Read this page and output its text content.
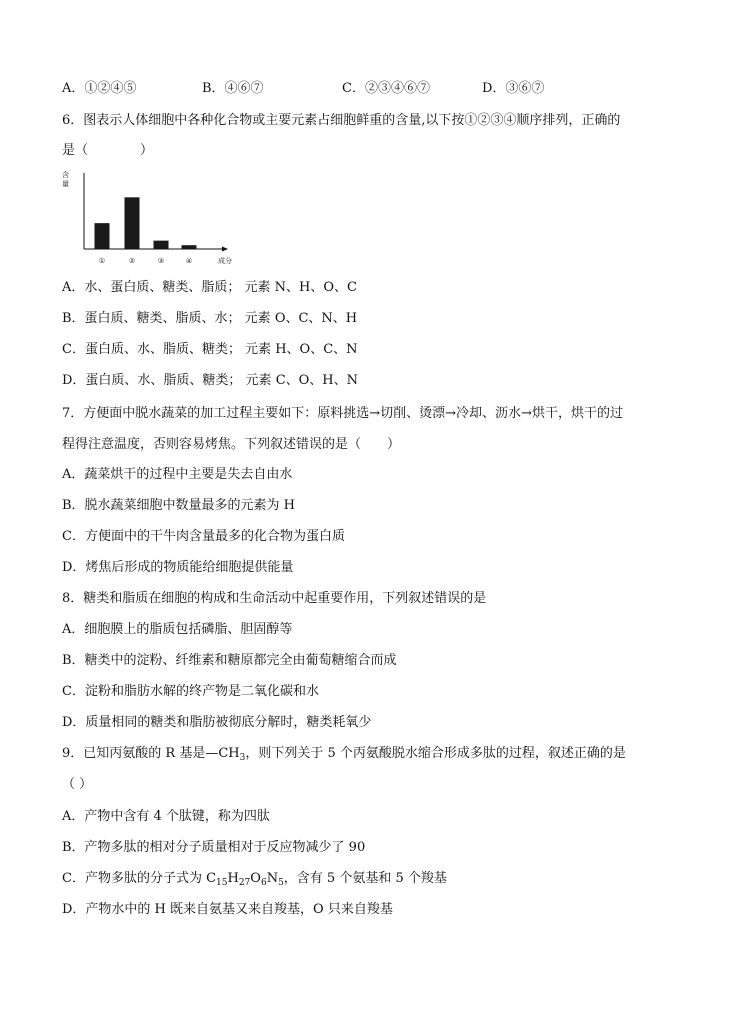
A．①②④⑤	B．④⑥⑦	C．②③④⑥⑦	D．③⑥⑦
6．图表示人体细胞中各种化合物或主要元素占细胞鲜重的含量,以下按①②③④顺序排列，正确的
是（　　　　）
含
量
①	②	③	④	成分
A．水、蛋白质、糖类、脂质； 元素 N、H、O、C
B．蛋白质、糖类、脂质、水； 元素 O、C、N、H
C．蛋白质、水、脂质、糖类； 元素 H、O、C、N
D．蛋白质、水、脂质、糖类； 元素 C、O、H、N
7．方便面中脱水蔬菜的加工过程主要如下：原料挑选→切削、烫漂→冷却、沥水→烘干，烘干的过
程得注意温度，否则容易烤焦。下列叙述错误的是（　　）
A．蔬菜烘干的过程中主要是失去自由水
B．脱水蔬菜细胞中数量最多的元素为 H
C．方便面中的干牛肉含量最多的化合物为蛋白质
D．烤焦后形成的物质能给细胞提供能量
8．糖类和脂质在细胞的构成和生命活动中起重要作用，下列叙述错误的是
A．细胞膜上的脂质包括磷脂、胆固醇等
B．糖类中的淀粉、纤维素和糖原都完全由葡萄糖缩合而成
C．淀粉和脂肪水解的终产物是二氧化碳和水
D．质量相同的糖类和脂肪被彻底分解时，糖类耗氧少
9．已知丙氨酸的 R 基是$—CH_3$，则下列关于 5 个丙氨酸脱水缩合形成多肽的过程，叙述正确的是
（ ）
A．产物中含有 4 个肽键，称为四肽
B．产物多肽的相对分子质量相对于反应物减少了 90
C．产物多肽的分子式为 $C_{15}H_{27}O_6N_5$，含有 5 个氨基和 5 个羧基
D．产物水中的 H 既来自氨基又来自羧基，O 只来自羧基
